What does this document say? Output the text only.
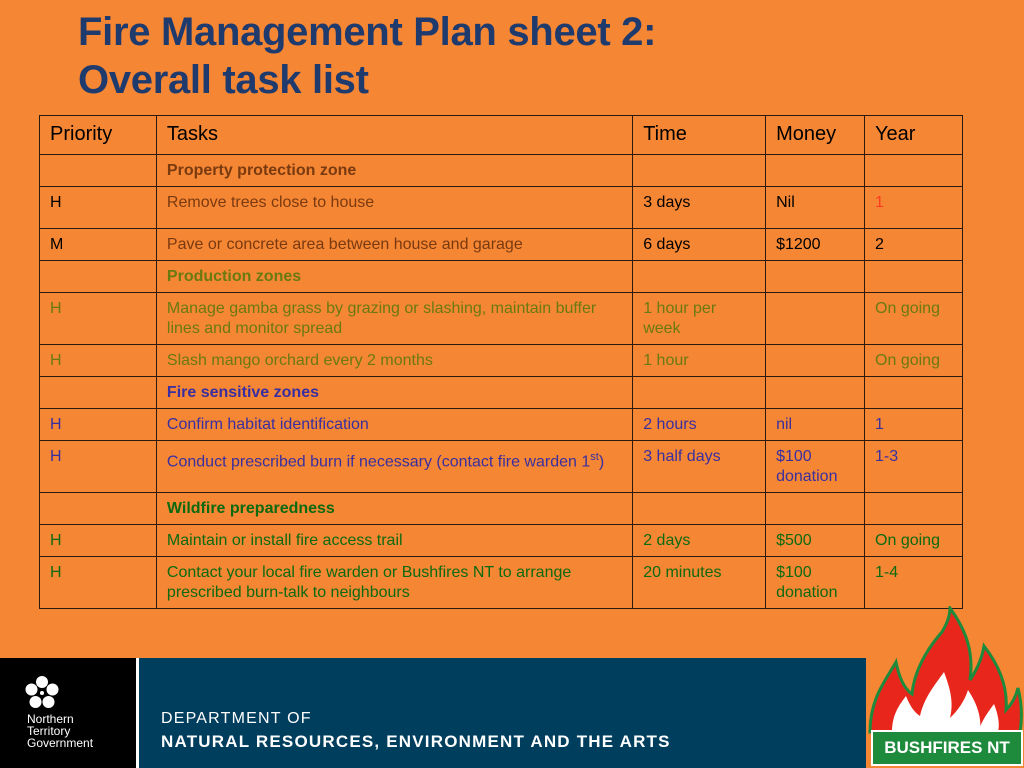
Fire Management Plan sheet 2:
Overall task list
Priority	Tasks	Time	Money	Year
	Property protection zone			
H	Remove trees close to house	3 days	Nil	1
M	Pave or concrete area between house and garage	6 days	$1200	2
	Production zones			
H	Manage gamba grass by grazing or slashing, maintain buffer lines and monitor spread	1 hour per week		On going
H	Slash mango orchard every 2 months	1 hour		On going
	Fire sensitive zones			
H	Confirm habitat identification	2 hours	nil	1
H	Conduct prescribed burn if necessary (contact fire warden 1st)	3 half days	$100 donation	1-3
	Wildfire preparedness			
H	Maintain or install fire access trail	2 days	$500	On going
H	Contact your local fire warden or Bushfires NT to arrange prescribed burn-talk to neighbours	20 minutes	$100 donation	1-4
Northern
Territory
Government
DEPARTMENT OF
NATURAL RESOURCES, ENVIRONMENT AND THE ARTS	BUSHFIRES NT
